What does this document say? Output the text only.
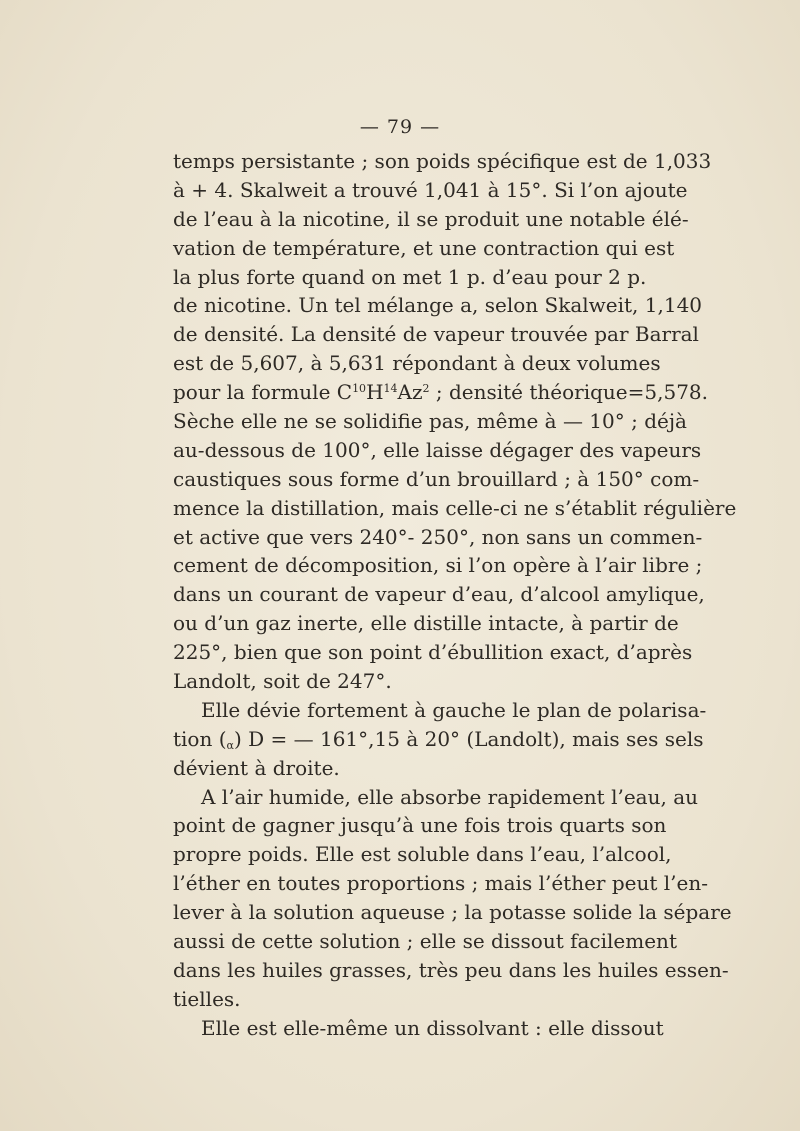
— 79 —
temps persistante ; son poids spécifique est de 1,033
à + 4. Skalweit a trouvé 1,041 à 15°. Si l’on ajoute
de l’eau à la nicotine, il se produit une notable élé-
vation de température, et une contraction qui est
la plus forte quand on met 1 p. d’eau pour 2 p.
de nicotine. Un tel mélange a, selon Skalweit, 1,140
de densité. La densité de vapeur trouvée par Barral
est de 5,607, à 5,631 répondant à deux volumes
pour la formule $C^{10}H^{14}Az^2$ ; densité théorique=5,578.
Sèche elle ne se solidifie pas, même à — 10° ; déjà
au-dessous de 100°, elle laisse dégager des vapeurs
caustiques sous forme d’un brouillard ; à 150° com-
mence la distillation, mais celle-ci ne s’établit régulière
et active que vers 240°- 250°, non sans un commen-
cement de décomposition, si l’on opère à l’air libre ;
dans un courant de vapeur d’eau, d’alcool amylique,
ou d’un gaz inerte, elle distille intacte, à partir de
225°, bien que son point d’ébullition exact, d’après
Landolt, soit de 247°.
Elle dévie fortement à gauche le plan de polarisa-
tion $(_\alpha) D$ = — 161°,15 à 20° (Landolt), mais ses sels
dévient à droite.
A l’air humide, elle absorbe rapidement l’eau, au
point de gagner jusqu’à une fois trois quarts son
propre poids. Elle est soluble dans l’eau, l’alcool,
l’éther en toutes proportions ; mais l’éther peut l’en-
lever à la solution aqueuse ; la potasse solide la sépare
aussi de cette solution ; elle se dissout facilement
dans les huiles grasses, très peu dans les huiles essen-
tielles.
Elle est elle-même un dissolvant : elle dissout
